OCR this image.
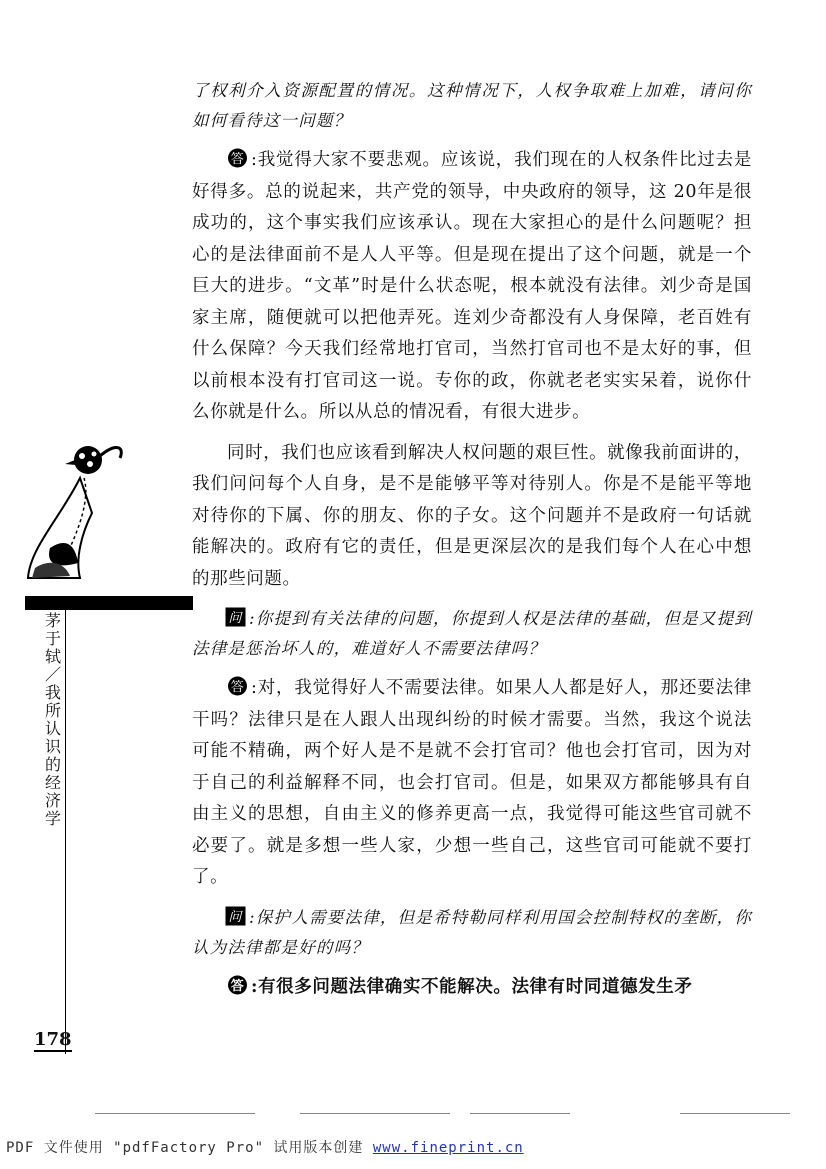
茅于轼／我所认识的经济学

了权利介入资源配置的情况。这种情况下，人权争取难上加难，请问你如何看待这一问题？

答 :我觉得大家不要悲观。应该说，我们现在的人权条件比过去是好得多。总的说起来，共产党的领导，中央政府的领导，这 20年是很成功的，这个事实我们应该承认。现在大家担心的是什么问题呢？担心的是法律面前不是人人平等。但是现在提出了这个问题，就是一个巨大的进步。“文革”时是什么状态呢，根本就没有法律。刘少奇是国家主席，随便就可以把他弄死。连刘少奇都没有人身保障，老百姓有什么保障？今天我们经常地打官司，当然打官司也不是太好的事，但以前根本没有打官司这一说。专你的政，你就老老实实呆着，说你什么你就是什么。所以从总的情况看，有很大进步。

同时，我们也应该看到解决人权问题的艰巨性。就像我前面讲的，我们问问每个人自身，是不是能够平等对待别人。你是不是能平等地对待你的下属、你的朋友、你的子女。这个问题并不是政府一句话就能解决的。政府有它的责任，但是更深层次的是我们每个人在心中想的那些问题。

问 :你提到有关法律的问题，你提到人权是法律的基础，但是又提到法律是惩治坏人的，难道好人不需要法律吗？

答 :对，我觉得好人不需要法律。如果人人都是好人，那还要法律干吗？法律只是在人跟人出现纠纷的时候才需要。当然，我这个说法可能不精确，两个好人是不是就不会打官司？他也会打官司，因为对于自己的利益解释不同，也会打官司。但是，如果双方都能够具有自由主义的思想，自由主义的修养更高一点，我觉得可能这些官司就不必要了。就是多想一些人家，少想一些自己，这些官司可能就不要打了。

问 :保护人需要法律，但是希特勒同样利用国会控制特权的垄断，你认为法律都是好的吗？

答 :有很多问题法律确实不能解决。法律有时同道德发生矛

178
PDF 文件使用 "pdfFactory Pro" 试用版本创建 www.fineprint.cn
